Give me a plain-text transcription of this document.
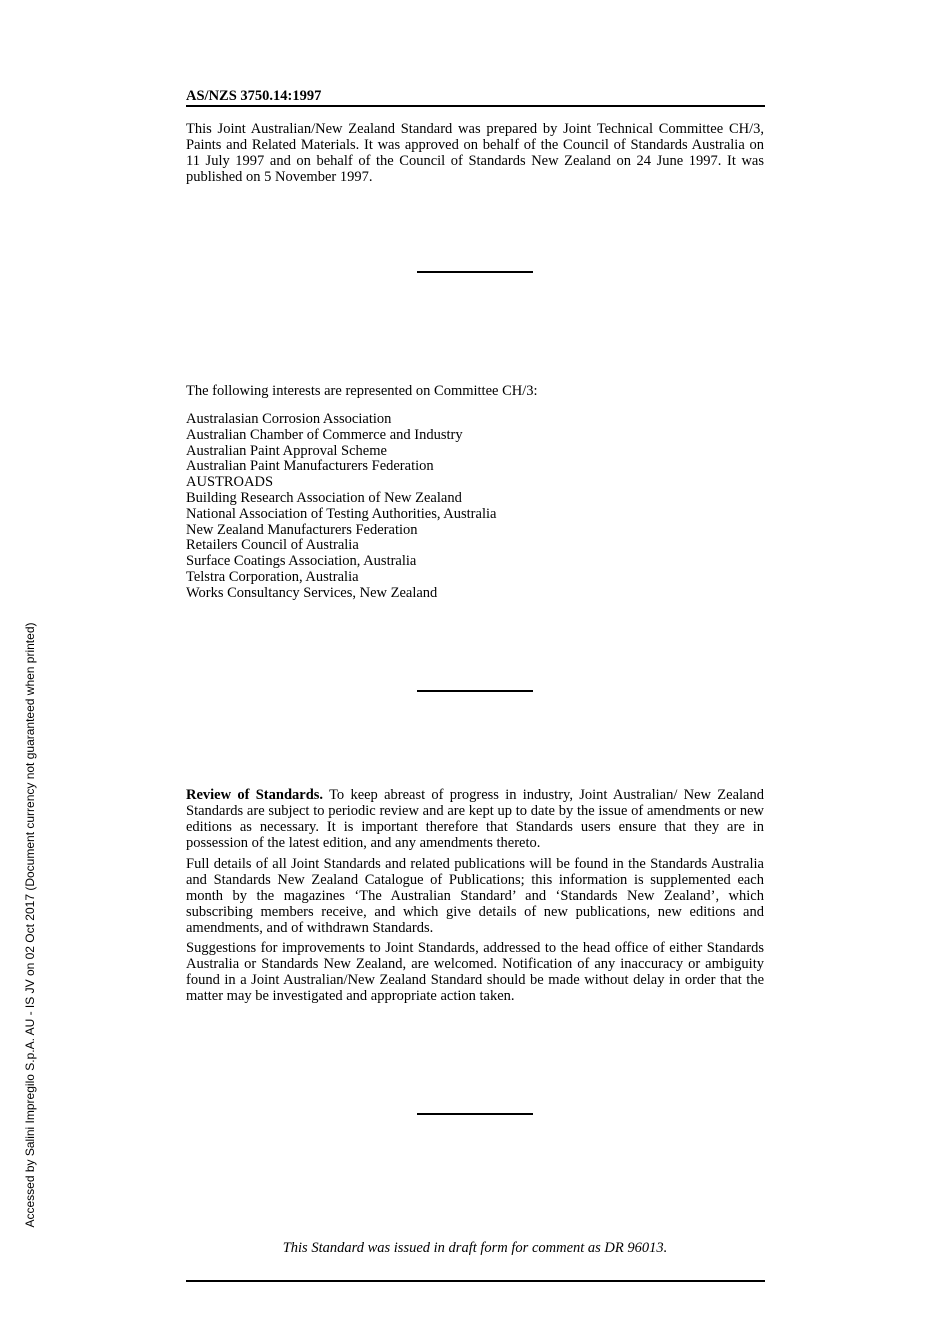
AS/NZS 3750.14:1997

This Joint Australian/New Zealand Standard was prepared by Joint Technical Committee CH/3, Paints and Related Materials. It was approved on behalf of the Council of Standards Australia on 11 July 1997 and on behalf of the Council of Standards New Zealand on 24 June 1997. It was published on 5 November 1997.

The following interests are represented on Committee CH/3:
Australasian Corrosion Association
Australian Chamber of Commerce and Industry
Australian Paint Approval Scheme
Australian Paint Manufacturers Federation
AUSTROADS
Building Research Association of New Zealand
National Association of Testing Authorities, Australia
New Zealand Manufacturers Federation
Retailers Council of Australia
Surface Coatings Association, Australia
Telstra Corporation, Australia
Works Consultancy Services, New Zealand

Review of Standards. To keep abreast of progress in industry, Joint Australian/ New Zealand Standards are subject to periodic review and are kept up to date by the issue of amendments or new editions as necessary. It is important therefore that Standards users ensure that they are in possession of the latest edition, and any amendments thereto.

Full details of all Joint Standards and related publications will be found in the Standards Australia and Standards New Zealand Catalogue of Publications; this information is supplemented each month by the magazines ‘The Australian Standard’ and ‘Standards New Zealand’, which subscribing members receive, and which give details of new publications, new editions and amendments, and of withdrawn Standards.

Suggestions for improvements to Joint Standards, addressed to the head office of either Standards Australia or Standards New Zealand, are welcomed. Notification of any inaccuracy or ambiguity found in a Joint Australian/New Zealand Standard should be made without delay in order that the matter may be investigated and appropriate action taken.

This Standard was issued in draft form for comment as DR 96013.
Accessed by Salini Impregilo S.p.A. AU - IS JV on 02 Oct 2017 (Document currency not guaranteed when printed)
